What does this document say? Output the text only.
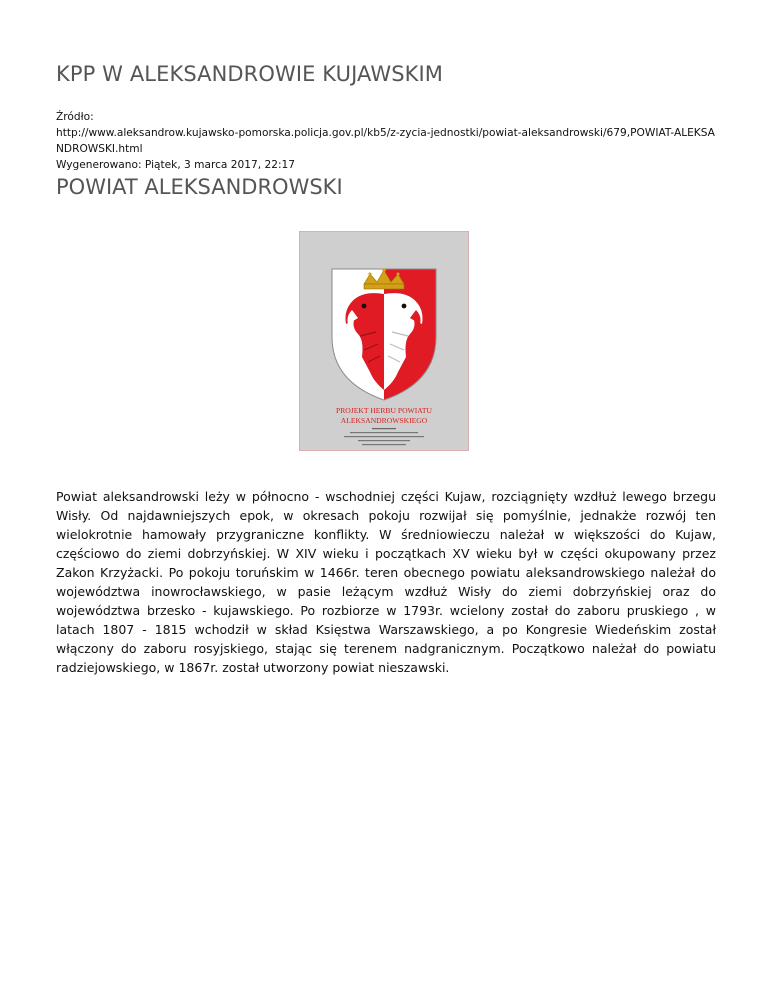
KPP W ALEKSANDROWIE KUJAWSKIM
Źródło:
http://www.aleksandrow.kujawsko-pomorska.policja.gov.pl/kb5/z-zycia-jednostki/powiat-aleksandrowski/679,POWIAT-ALEKSA
NDROWSKI.html
Wygenerowano: Piątek, 3 marca 2017, 22:17
POWIAT ALEKSANDROWSKI
PROJEKT HERBU POWIATU
ALEKSANDROWSKIEGO

Powiat aleksandrowski leży w północno - wschodniej części Kujaw, rozciągnięty wzdłuż lewego brzegu Wisły. Od najdawniejszych epok, w okresach pokoju rozwijał się pomyślnie, jednakże rozwój ten wielokrotnie hamowały przygraniczne konflikty. W średniowieczu należał w większości do Kujaw, częściowo do ziemi dobrzyńskiej. W XIV wieku i początkach XV wieku był w części okupowany przez Zakon Krzyżacki. Po pokoju toruńskim w 1466r. teren obecnego powiatu aleksandrowskiego należał do województwa inowrocławskiego, w pasie leżącym wzdłuż Wisły do ziemi dobrzyńskiej oraz do województwa brzesko - kujawskiego. Po rozbiorze w 1793r. wcielony został do zaboru pruskiego , w latach 1807 - 1815 wchodził w skład Księstwa Warszawskiego, a po Kongresie Wiedeńskim został włączony do zaboru rosyjskiego, stając się terenem nadgranicznym. Początkowo należał do powiatu radziejowskiego, w 1867r. został utworzony powiat nieszawski.
